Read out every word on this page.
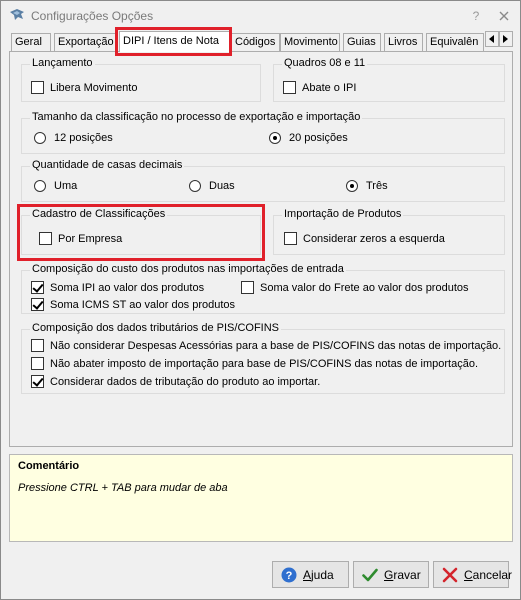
Configurações Opções	?
Geral	Exportação DIPI / Itens de Nota	Códigos Movimento Guias	Livros	Equivalên
Lançamento
Libera Movimento
Quadros 08 e 11
Abate o IPI
Tamanho da classificação no processo de exportação e importação
12 posições	20 posições
Quantidade de casas decimais
Uma	Duas	Três
Cadastro de Classificações
Por Empresa
Importação de Produtos
Considerar zeros a esquerda
Composição do custo dos produtos nas importações de entrada
Soma IPI ao valor dos produtos	Soma valor do Frete ao valor dos produtos
Soma ICMS ST ao valor dos produtos
Composição dos dados tributários de PIS/COFINS
Não considerar Despesas Acessórias para a base de PIS/COFINS das notas de importação.
Não abater imposto de importação para base de PIS/COFINS das notas de importação.
Considerar dados de tributação do produto ao importar.
Comentário
Pressione CTRL + TAB para mudar de aba
? A juda	G ravar	C ancelar
